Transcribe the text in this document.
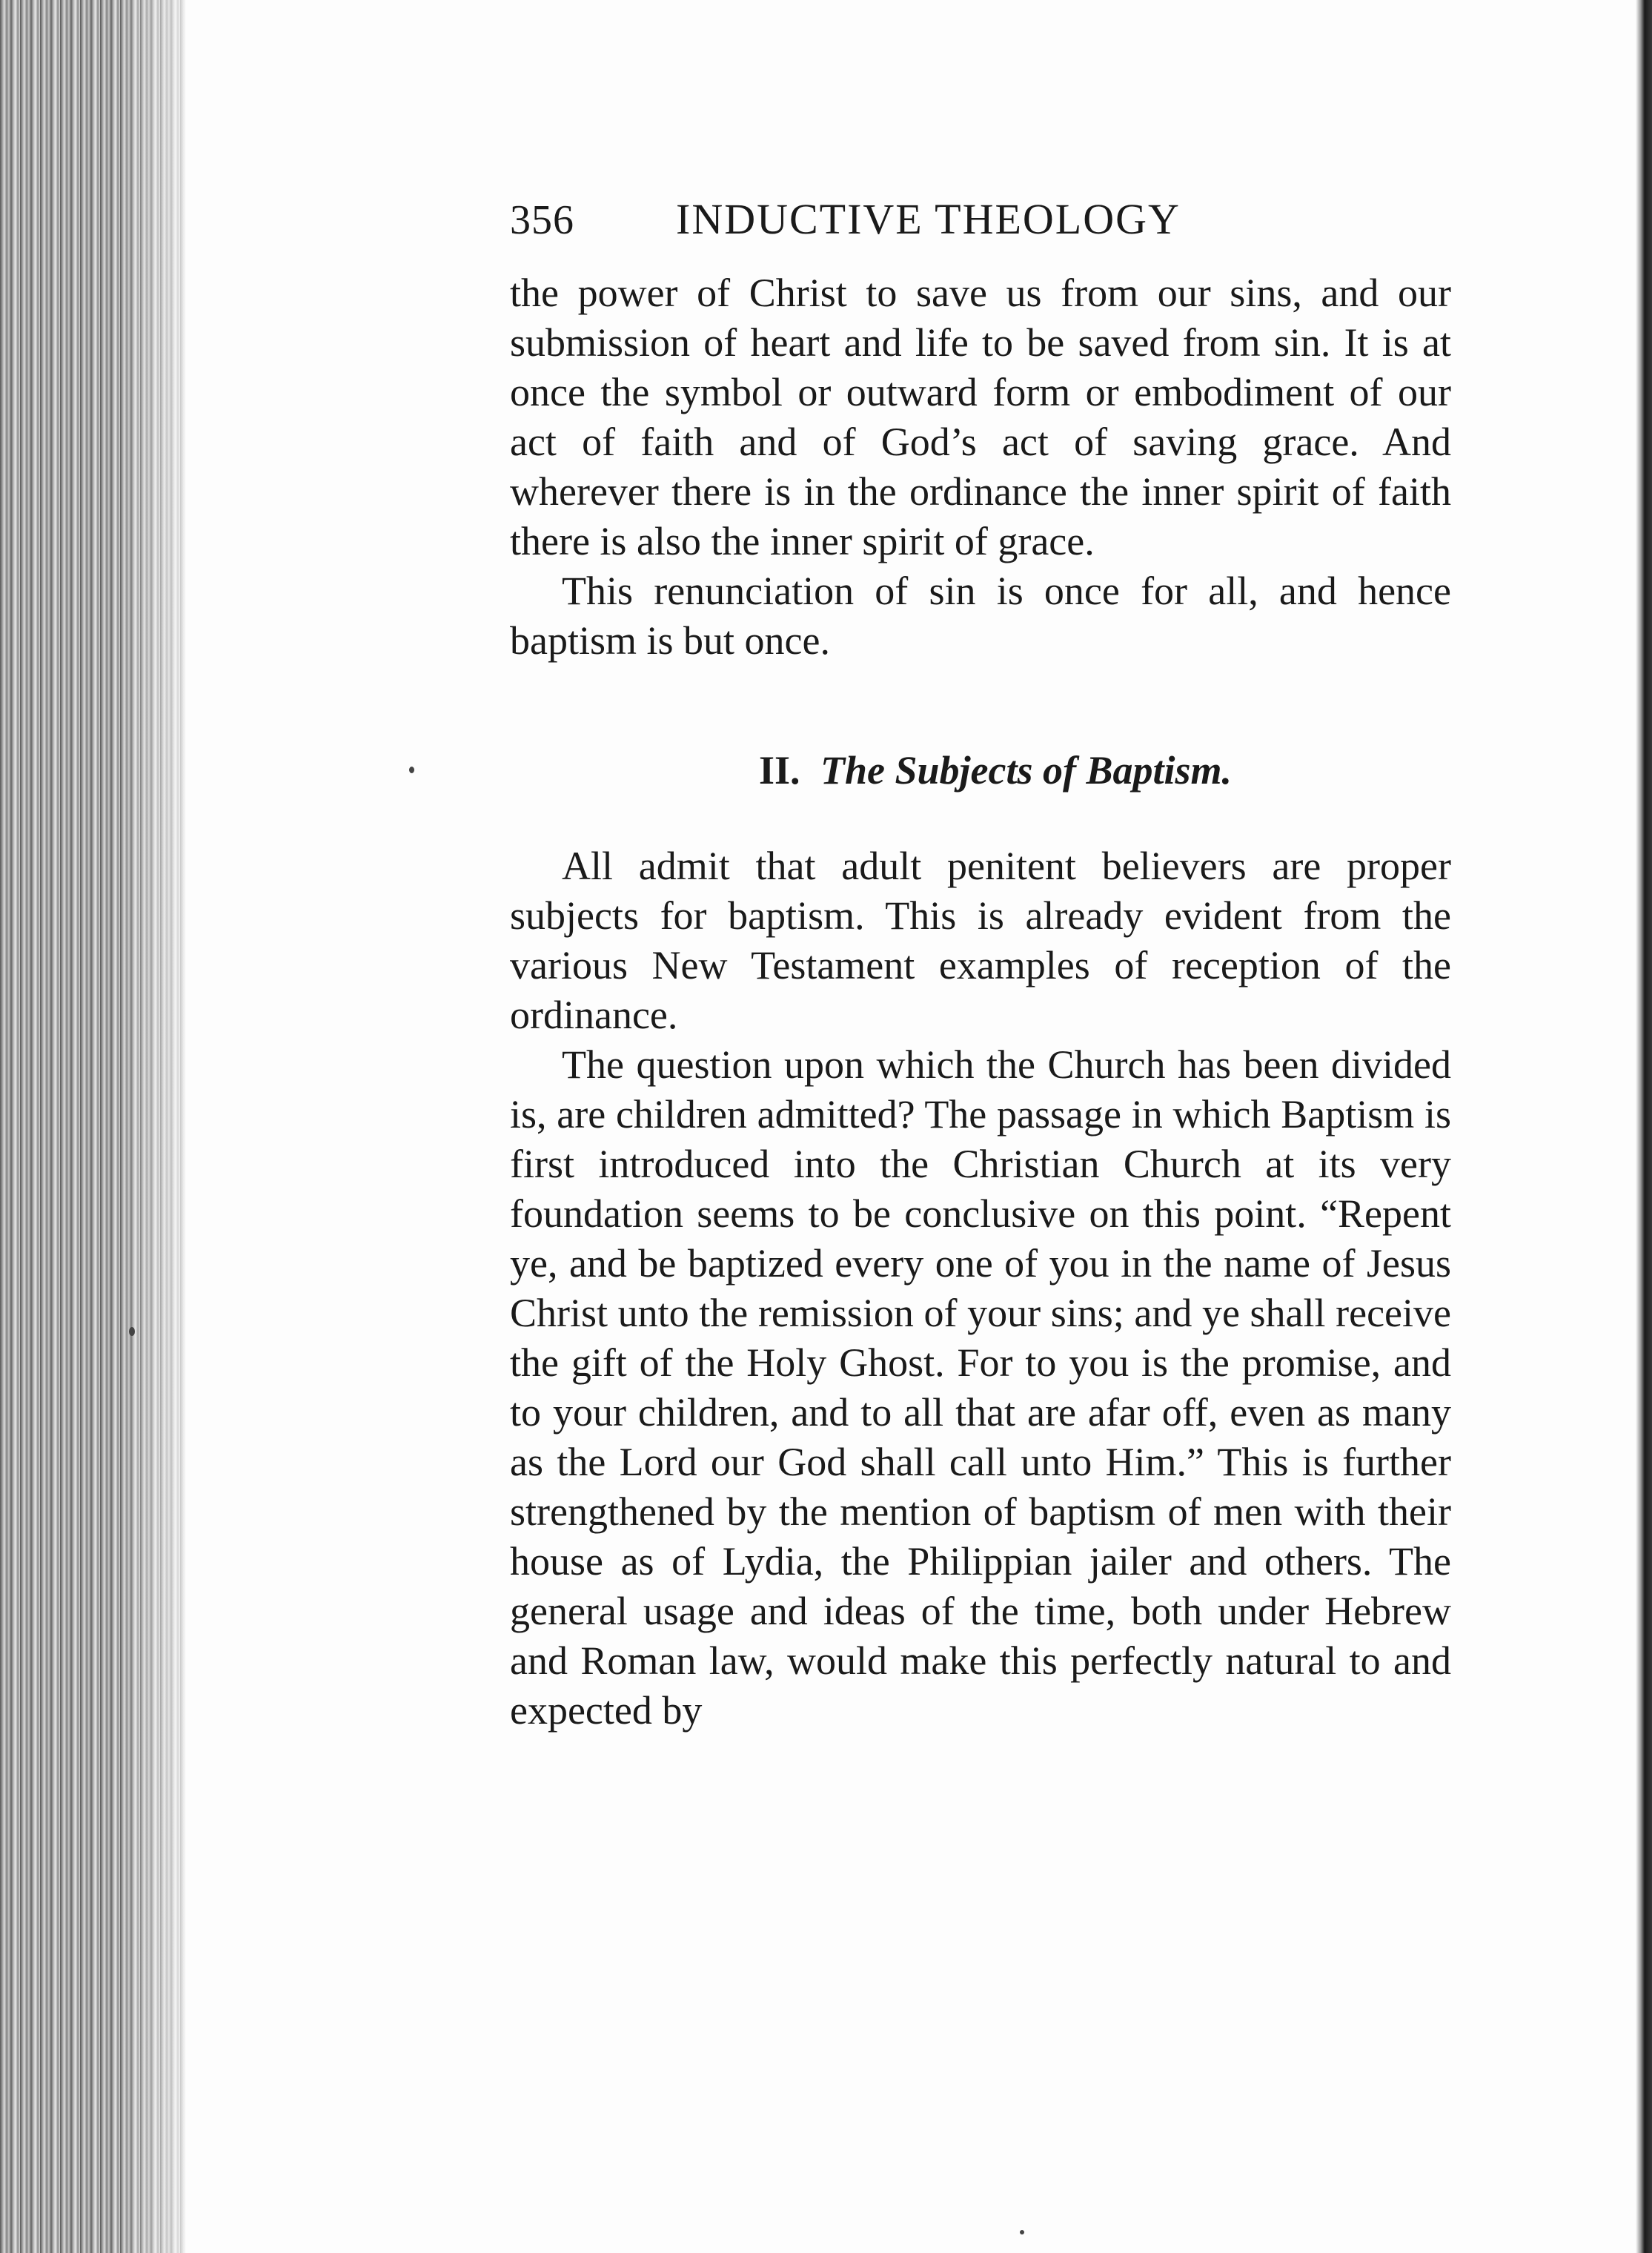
356	INDUCTIVE THEOLOGY

the power of Christ to save us from our sins, and our submission of heart and life to be saved from sin. It is at once the symbol or outward form or embodiment of our act of faith and of God’s act of saving grace. And wherever there is in the ordinance the inner spirit of faith there is also the inner spirit of grace.

This renunciation of sin is once for all, and hence baptism is but once.

II. The Subjects of Baptism.

All admit that adult penitent believers are proper subjects for baptism. This is already evident from the various New Testament examples of reception of the ordinance.

The question upon which the Church has been divided is, are children admitted? The passage in which Baptism is first introduced into the Christian Church at its very foundation seems to be conclusive on this point. “Repent ye, and be baptized every one of you in the name of Jesus Christ unto the remission of your sins; and ye shall receive the gift of the Holy Ghost. For to you is the promise, and to your children, and to all that are afar off, even as many as the Lord our God shall call unto Him.” This is further strengthened by the mention of baptism of men with their house as of Lydia, the Philippian jailer and others. The general usage and ideas of the time, both under Hebrew and Roman law, would make this perfectly natural to and expected by
